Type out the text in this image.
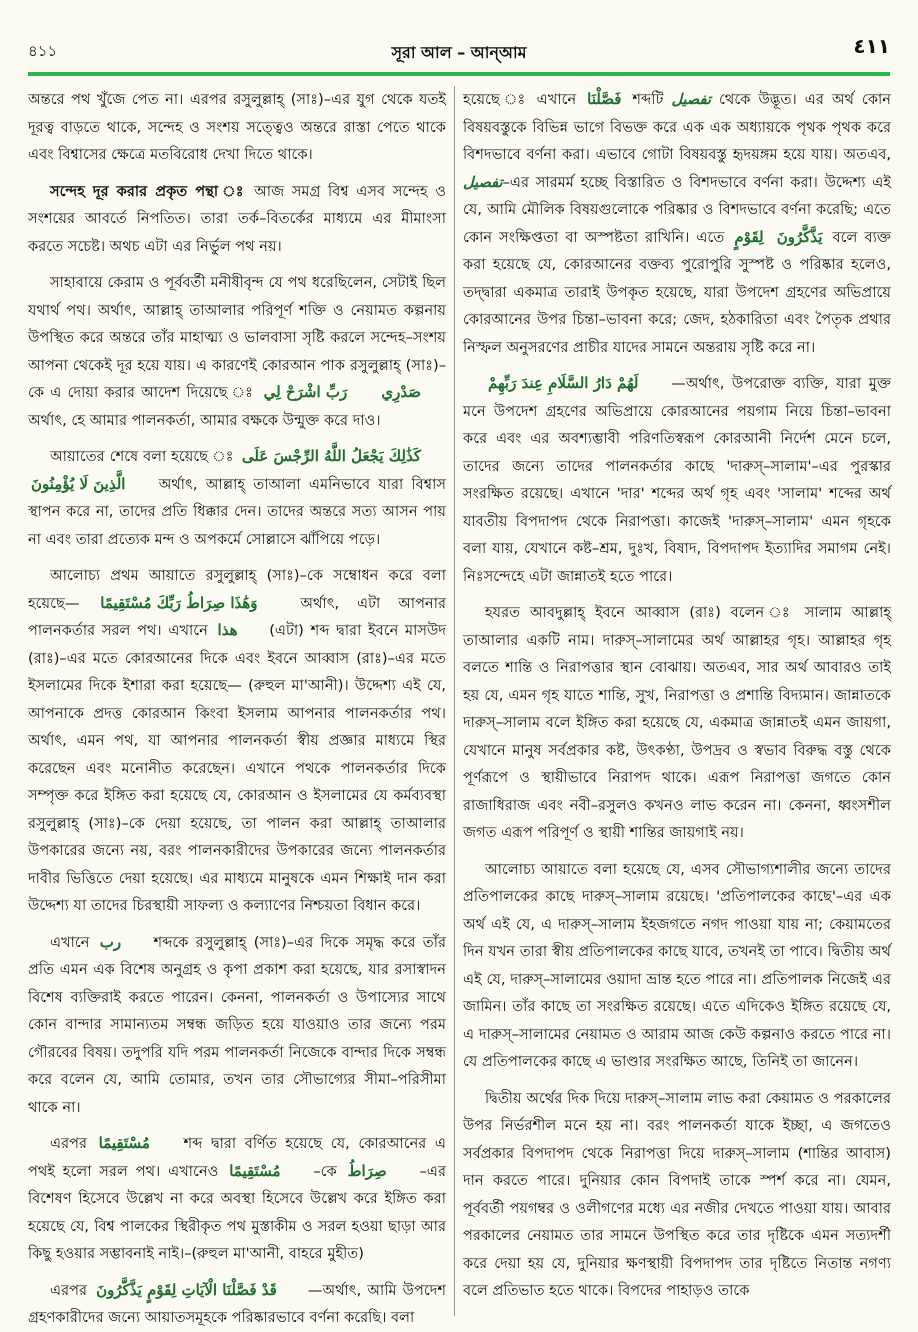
৪১১	সূরা আল – আন্‌আম	٤١١

অন্তরে পথ খুঁজে পেত না। এরপর রসুলুল্লাহ্ (সাঃ)–এর যুগ থেকে যতই দূরত্ব বাড়তে থাকে, সন্দেহ ও সংশয় সত্ত্বেও অন্তরে রাস্তা পেতে থাকে এবং বিশ্বাসের ক্ষেত্রে মতবিরোধ দেখা দিতে থাকে।

সন্দেহ দূর করার প্রকৃত পন্থা ঃ আজ সমগ্র বিশ্ব এসব সন্দেহ ও সংশয়ের আবর্তে নিপতিত। তারা তর্ক–বিতর্কের মাধ্যমে এর মীমাংসা করতে সচেষ্ট। অথচ এটা এর নির্ভুল পথ নয়।

সাহাবায়ে কেরাম ও পূর্ববর্তী মনীষীবৃন্দ যে পথ ধরেছিলেন, সেটাই ছিল যথার্থ পথ। অর্থাৎ, আল্লাহ্ তাআলার পরিপূর্ণ শক্তি ও নেয়ামত কল্পনায় উপস্থিত করে অন্তরে তাঁর মাহাত্ম্য ও ভালবাসা সৃষ্টি করলে সন্দেহ–সংশয় আপনা থেকেই দূর হয়ে যায়। এ কারণেই কোরআন পাক রসুলুল্লাহ্ (সাঃ)–কে এ দোয়া করার আদেশ দিয়েছে ঃ رَبِّ اشْرَحْ لِي صَدْرِي অর্থাৎ, হে আমার পালনকর্তা, আমার বক্ষকে উন্মুক্ত করে দাও।

আয়াতের শেষে বলা হয়েছে ঃ كَذَٰلِكَ يَجْعَلُ اللَّهُ الرِّجْسَ عَلَى الَّذِينَ لَا يُؤْمِنُونَ অর্থাৎ, আল্লাহ্ তাআলা এমনিভাবে যারা বিশ্বাস স্থাপন করে না, তাদের প্রতি ধিক্কার দেন। তাদের অন্তরে সত্য আসন পায় না এবং তারা প্রত্যেক মন্দ ও অপকর্মে সোল্লাসে ঝাঁপিয়ে পড়ে।

আলোচ্য প্রথম আয়াতে রসুলুল্লাহ্ (সাঃ)–কে সম্বোধন করে বলা হয়েছে— وَهَٰذَا صِرَاطُ رَبِّكَ مُسْتَقِيمًا	অর্থাৎ, এটা আপনার পালনকর্তার সরল পথ। এখানে هذا (এটা) শব্দ দ্বারা ইবনে মাসউদ (রাঃ)–এর মতে কোরআনের দিকে এবং ইবনে আব্বাস (রাঃ)–এর মতে ইসলামের দিকে ইশারা করা হয়েছে— (রুহুল মা'আনী)। উদ্দেশ্য এই যে, আপনাকে প্রদত্ত কোরআন কিংবা ইসলাম আপনার পালনকর্তার পথ। অর্থাৎ, এমন পথ, যা আপনার পালনকর্তা স্বীয় প্রজ্ঞার মাধ্যমে স্থির করেছেন এবং মনোনীত করেছেন। এখানে পথকে পালনকর্তার দিকে সম্পৃক্ত করে ইঙ্গিত করা হয়েছে যে, কোরআন ও ইসলামের যে কর্মব্যবস্থা রসুলুল্লাহ্ (সাঃ)–কে দেয়া হয়েছে, তা পালন করা আল্লাহ্ তাআলার উপকারের জন্যে নয়, বরং পালনকারীদের উপকারের জন্যে পালনকর্তার দাবীর ভিত্তিতে দেয়া হয়েছে। এর মাধ্যমে মানুষকে এমন শিক্ষাই দান করা উদ্দেশ্য যা তাদের চিরস্থায়ী সাফল্য ও কল্যাণের নিশ্চয়তা বিধান করে।

এখানে رب শব্দকে রসুলুল্লাহ্ (সাঃ)–এর দিকে সমৃদ্ধ করে তাঁর প্রতি এমন এক বিশেষ অনুগ্রহ ও কৃপা প্রকাশ করা হয়েছে, যার রসাস্বাদন বিশেষ ব্যক্তিরাই করতে পারেন। কেননা, পালনকর্তা ও উপাস্যের সাথে কোন বান্দার সামান্যতম সম্বন্ধ জড়িত হয়ে যাওয়াও তার জন্যে পরম গৌরবের বিষয়। তদুপরি যদি পরম পালনকর্তা নিজেকে বান্দার দিকে সম্বন্ধ করে বলেন যে, আমি তোমার, তখন তার সৌভাগ্যের সীমা–পরিসীমা থাকে না।

এরপর مُسْتَقِيمًا শব্দ দ্বারা বর্ণিত হয়েছে যে, কোরআনের এ পথই হলো সরল পথ। এখানেও مُسْتَقِيمًا –কে صِرَاطُ –এর বিশেষণ হিসেবে উল্লেখ না করে অবস্থা হিসেবে উল্লেখ করে ইঙ্গিত করা হয়েছে যে, বিশ্ব পালকের স্থিরীকৃত পথ মুস্তাকীম ও সরল হওয়া ছাড়া আর কিছু হওয়ার সম্ভাবনাই নাই।–(রুহুল মা'আনী, বাহরে মুহীত)

এরপর قَدْ فَصَّلْنَا الْآيَاتِ لِقَوْمٍ يَذَّكَّرُونَ —অর্থাৎ, আমি উপদেশ গ্রহণকারীদের জন্যে আয়াতসমূহকে পরিষ্কারভাবে বর্ণনা করেছি। বলা

হয়েছে ঃ এখানে فَصَّلْنَا শব্দটি تفصيل থেকে উদ্ভূত। এর অর্থ কোন বিষয়বস্তুকে বিভিন্ন ভাগে বিভক্ত করে এক এক অধ্যায়কে পৃথক পৃথক করে বিশদভাবে বর্ণনা করা। এভাবে গোটা বিষয়বস্তু হৃদয়ঙ্গম হয়ে যায়। অতএব, تفصيل–এর সারমর্ম হচ্ছে বিস্তারিত ও বিশদভাবে বর্ণনা করা। উদ্দেশ্য এই যে, আমি মৌলিক বিষয়গুলোকে পরিষ্কার ও বিশদভাবে বর্ণনা করেছি; এতে কোন সংক্ষিপ্ততা বা অস্পষ্টতা রাখিনি। এতে لِقَوْمٍ يَذَّكَّرُونَ বলে ব্যক্ত করা হয়েছে যে, কোরআনের বক্তব্য পুরোপুরি সুস্পষ্ট ও পরিষ্কার হলেও, তদ্দ্বারা একমাত্র তারাই উপকৃত হয়েছে, যারা উপদেশ গ্রহণের অভিপ্রায়ে কোরআনের উপর চিন্তা–ভাবনা করে; জেদ, হঠকারিতা এবং পৈতৃক প্রথার নিস্ফল অনুসরণের প্রাচীর যাদের সামনে অন্তরায় সৃষ্টি করে না।

لَهُمْ دَارُ السَّلَامِ عِندَ رَبِّهِمْ —অর্থাৎ, উপরোক্ত ব্যক্তি, যারা মুক্ত মনে উপদেশ গ্রহণের অভিপ্রায়ে কোরআনের পয়গাম নিয়ে চিন্তা–ভাবনা করে এবং এর অবশ্যম্ভাবী পরিণতিস্বরূপ কোরআনী নির্দেশ মেনে চলে, তাদের জন্যে তাদের পালনকর্তার কাছে 'দারুস্–সালাম'–এর পুরস্কার সংরক্ষিত রয়েছে। এখানে 'দার' শব্দের অর্থ গৃহ এবং 'সালাম' শব্দের অর্থ যাবতীয় বিপদাপদ থেকে নিরাপত্তা। কাজেই 'দারুস্–সালাম' এমন গৃহকে বলা যায়, যেখানে কষ্ট–শ্রম, দুঃখ, বিষাদ, বিপদাপদ ইত্যাদির সমাগম নেই। নিঃসন্দেহে এটা জান্নাতই হতে পারে।

হযরত আবদুল্লাহ্ ইবনে আব্বাস (রাঃ) বলেন ঃ সালাম আল্লাহ্ তাআলার একটি নাম। দারুস্–সালামের অর্থ আল্লাহর গৃহ। আল্লাহর গৃহ বলতে শান্তি ও নিরাপত্তার স্থান বোঝায়। অতএব, সার অর্থ আবারও তাই হয় যে, এমন গৃহ যাতে শান্তি, সুখ, নিরাপত্তা ও প্রশান্তি বিদ্যমান। জান্নাতকে দারুস্–সালাম বলে ইঙ্গিত করা হয়েছে যে, একমাত্র জান্নাতই এমন জায়গা, যেখানে মানুষ সর্বপ্রকার কষ্ট, উৎকণ্ঠা, উপদ্রব ও স্বভাব বিরুদ্ধ বস্তু থেকে পূর্ণরূপে ও স্থায়ীভাবে নিরাপদ থাকে। এরূপ নিরাপত্তা জগতে কোন রাজাধিরাজ এবং নবী–রসুলও কখনও লাভ করেন না। কেননা, ধ্বংসশীল জগত এরূপ পরিপূর্ণ ও স্থায়ী শান্তির জায়গাই নয়।

আলোচ্য আয়াতে বলা হয়েছে যে, এসব সৌভাগ্যশালীর জন্যে তাদের প্রতিপালকের কাছে দারুস্–সালাম রয়েছে। 'প্রতিপালকের কাছে'–এর এক অর্থ এই যে, এ দারুস্–সালাম ইহজগতে নগদ পাওয়া যায় না; কেয়ামতের দিন যখন তারা স্বীয় প্রতিপালকের কাছে যাবে, তখনই তা পাবে। দ্বিতীয় অর্থ এই যে, দারুস্–সালামের ওয়াদা ভ্রান্ত হতে পারে না। প্রতিপালক নিজেই এর জামিন। তাঁর কাছে তা সংরক্ষিত রয়েছে। এতে এদিকেও ইঙ্গিত রয়েছে যে, এ দারুস্–সালামের নেয়ামত ও আরাম আজ কেউ কল্পনাও করতে পারে না। যে প্রতিপালকের কাছে এ ভাণ্ডার সংরক্ষিত আছে, তিনিই তা জানেন।

দ্বিতীয় অর্থের দিক দিয়ে দারুস্–সালাম লাভ করা কেয়ামত ও পরকালের উপর নির্ভরশীল মনে হয় না। বরং পালনকর্তা যাকে ইচ্ছা, এ জগতেও সর্বপ্রকার বিপদাপদ থেকে নিরাপত্তা দিয়ে দারুস্–সালাম (শান্তির আবাস) দান করতে পারে। দুনিয়ার কোন বিপদাই তাকে স্পর্শ করে না। যেমন, পূর্ববর্তী পয়গম্বর ও ওলীগণের মধ্যে এর নজীর দেখতে পাওয়া যায়। আবার পরকালের নেয়ামত তার সামনে উপস্থিত করে তার দৃষ্টিকে এমন সত্যদর্শী করে দেয়া হয় যে, দুনিয়ার ক্ষণস্থায়ী বিপদাপদ তার দৃষ্টিতে নিতান্ত নগণ্য বলে প্রতিভাত হতে থাকে। বিপদের পাহাড়ও তাকে
